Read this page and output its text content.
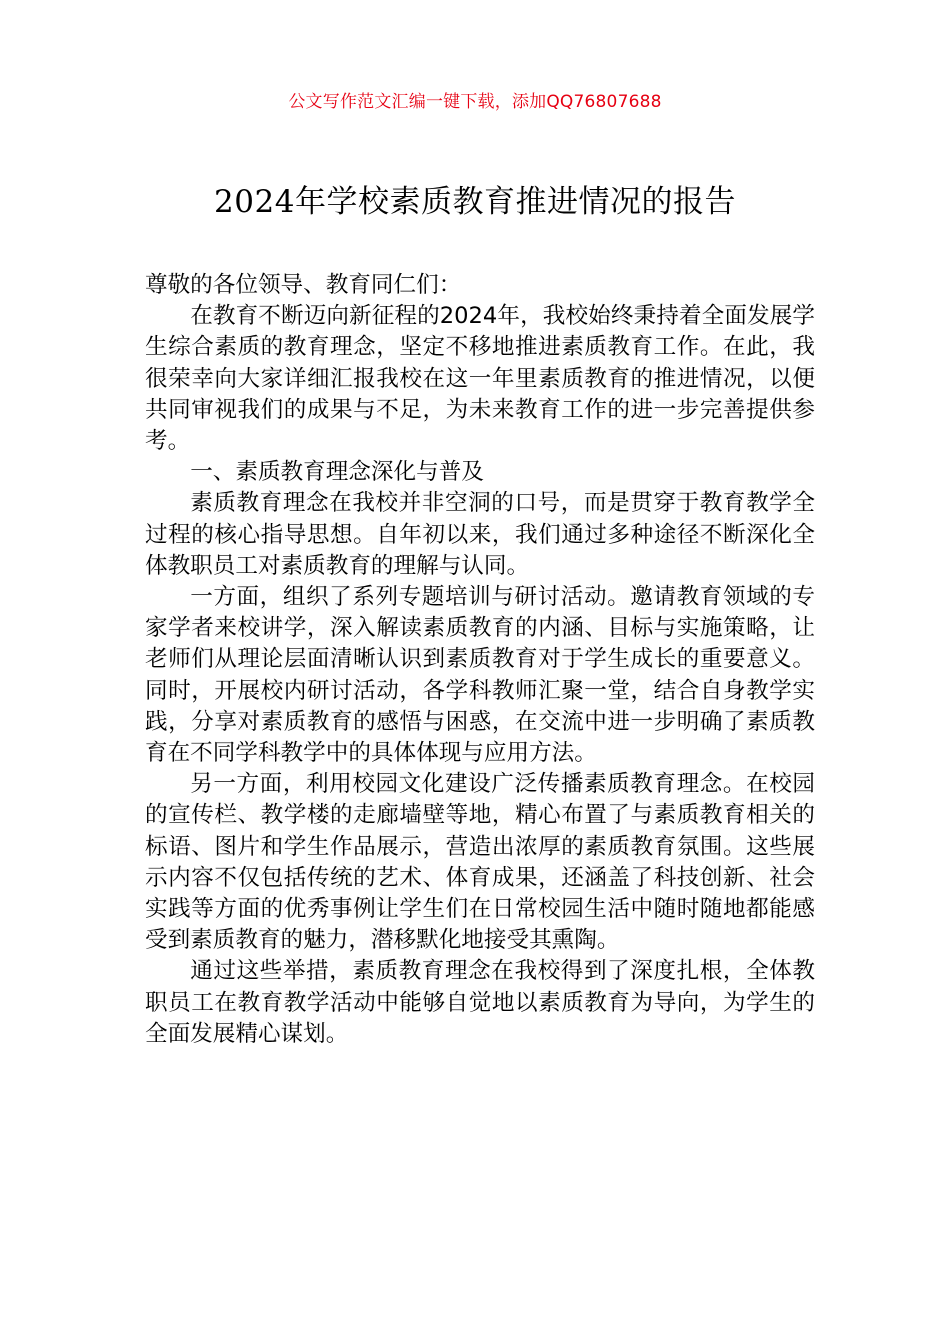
公文写作范文汇编一键下载，添加QQ76807688
2024年学校素质教育推进情况的报告

尊敬的各位领导、教育同仁们：

在教育不断迈向新征程的2024年，我校始终秉持着全面发展学生综合素质的教育理念，坚定不移地推进素质教育工作。在此，我很荣幸向大家详细汇报我校在这一年里素质教育的推进情况，以便共同审视我们的成果与不足，为未来教育工作的进一步完善提供参考。

一、素质教育理念深化与普及

素质教育理念在我校并非空洞的口号，而是贯穿于教育教学全过程的核心指导思想。自年初以来，我们通过多种途径不断深化全体教职员工对素质教育的理解与认同。

一方面，组织了系列专题培训与研讨活动。邀请教育领域的专家学者来校讲学，深入解读素质教育的内涵、目标与实施策略，让老师们从理论层面清晰认识到素质教育对于学生成长的重要意义。同时，开展校内研讨活动，各学科教师汇聚一堂，结合自身教学实践，分享对素质教育的感悟与困惑，在交流中进一步明确了素质教育在不同学科教学中的具体体现与应用方法。

另一方面，利用校园文化建设广泛传播素质教育理念。在校园的宣传栏、教学楼的走廊墙壁等地，精心布置了与素质教育相关的标语、图片和学生作品展示，营造出浓厚的素质教育氛围。这些展示内容不仅包括传统的艺术、体育成果，还涵盖了科技创新、社会实践等方面的优秀事例让学生们在日常校园生活中随时随地都能感受到素质教育的魅力，潜移默化地接受其熏陶。

通过这些举措，素质教育理念在我校得到了深度扎根，全体教职员工在教育教学活动中能够自觉地以素质教育为导向，为学生的全面发展精心谋划。
